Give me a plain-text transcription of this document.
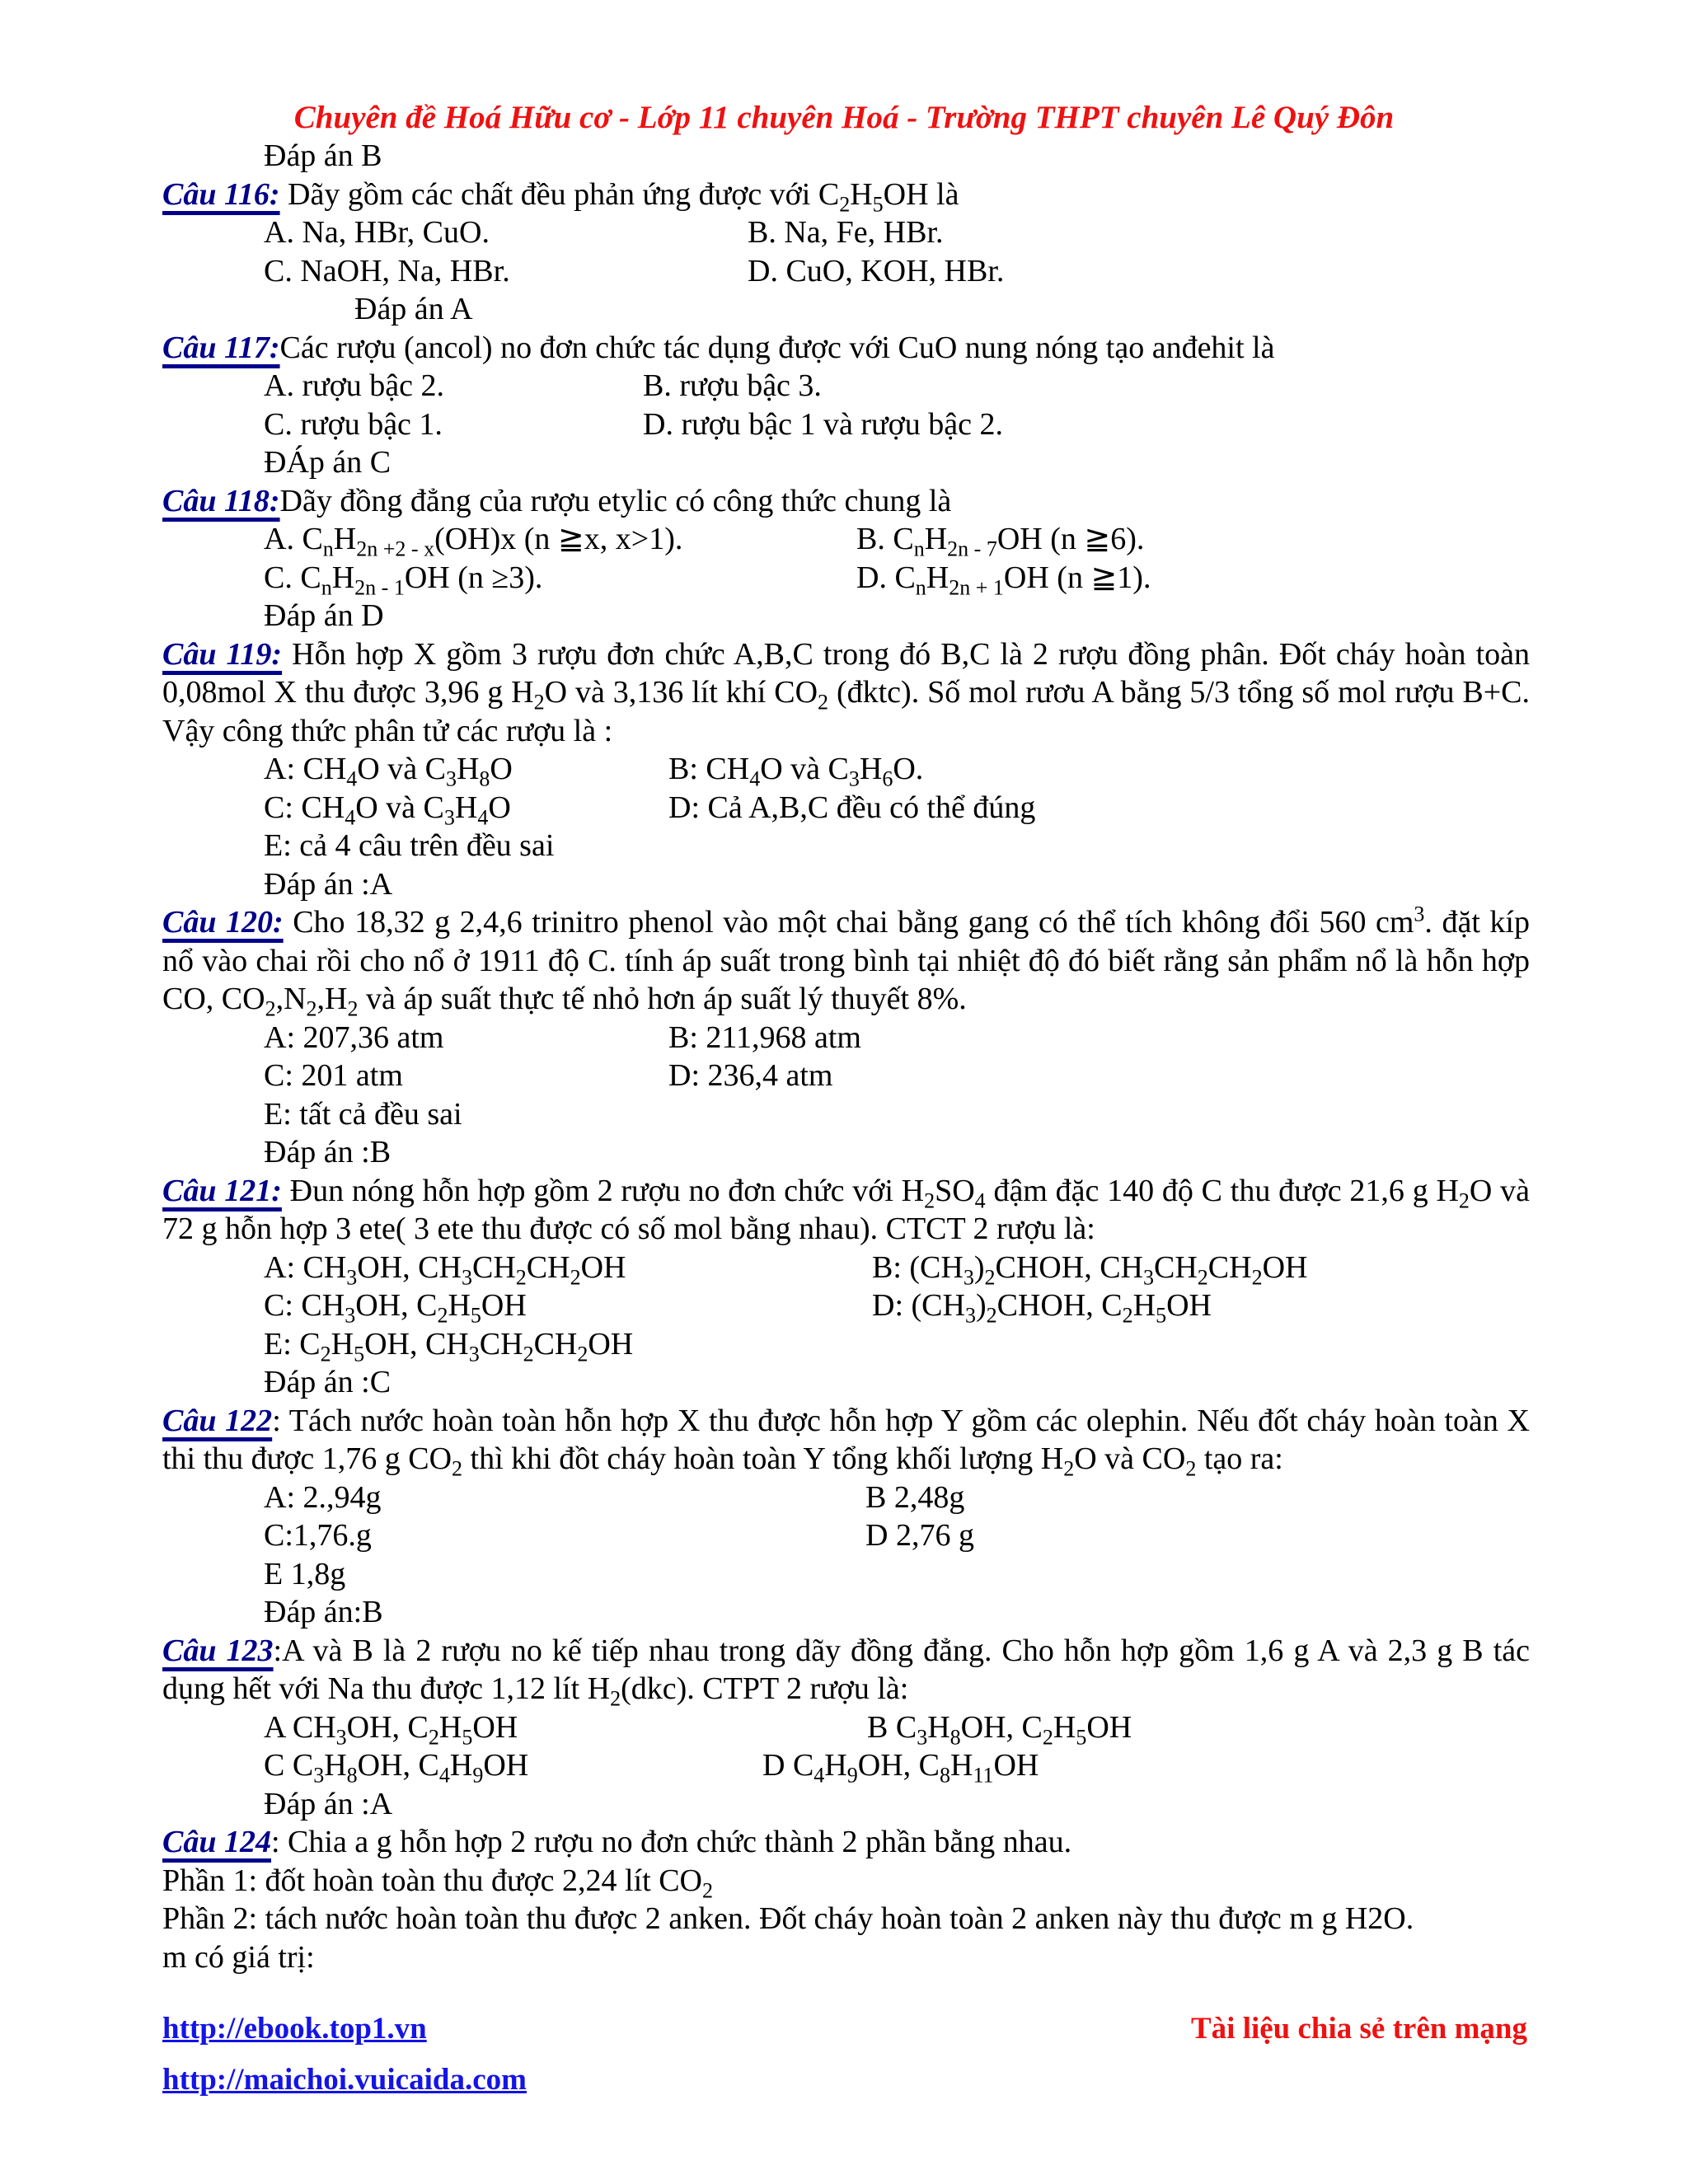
Chuyên đề Hoá Hữu cơ - Lớp 11 chuyên Hoá - Trường THPT chuyên Lê Quý Đôn
Đáp án B

Câu 116: Dãy gồm các chất đều phản ứng được với $C_2H_5OH$ là

A. Na, HBr, CuO.	B. Na, Fe, HBr.
C. NaOH, Na, HBr.	D. CuO, KOH, HBr.
Đáp án A

Câu 117:Các rượu (ancol) no đơn chức tác dụng được với CuO nung nóng tạo anđehit là

A. rượu bậc 2.	B. rượu bậc 3.
C. rượu bậc 1.	D. rượu bậc 1 và rượu bậc 2.
ĐÁp án C

Câu 118:Dãy đồng đẳng của rượu etylic có công thức chung là

A. $C_nH_{2n +2 - x}(OH)x$ (n ≧x, x>1).	B. $C_nH_{2n - 7}OH$ (n ≧6).
C. $C_nH_{2n - 1}OH$ (n ≥3).	D. $C_nH_{2n + 1}OH$ (n ≧1).
Đáp án D

Câu 119: Hỗn hợp X gồm 3 rượu đơn chức A,B,C trong đó B,C là 2 rượu đồng phân. Đốt cháy hoàn toàn 0,08mol X thu được 3,96 g $H_2O$ và 3,136 lít khí $CO_2$ (đktc). Số mol rươu A bằng 5/3 tổng số mol rượu B+C. Vậy công thức phân tử các rượu là :

A: $CH_4O$ và $C_3H_8O$	B: $CH_4O$ và $C_3H_6O$.
C: $CH_4O$ và $C_3H_4O$	D: Cả A,B,C đều có thể đúng
E: cả 4 câu trên đều sai
Đáp án :A

Câu 120: Cho 18,32 g 2,4,6 trinitro phenol vào một chai bằng gang có thể tích không đổi 560 $cm^3$. đặt kíp nổ vào chai rồi cho nổ ở 1911 độ C. tính áp suất trong bình tại nhiệt độ đó biết rằng sản phẩm nổ là hỗn hợp CO, $CO_2,N_2,H_2$ và áp suất thực tế nhỏ hơn áp suất lý thuyết 8%.

A: 207,36 atm	B: 211,968 atm
C: 201 atm	D: 236,4 atm
E: tất cả đều sai
Đáp án :B

Câu 121: Đun nóng hỗn hợp gồm 2 rượu no đơn chức với $H_2SO_4$ đậm đặc 140 độ C thu được 21,6 g $H_2O$ và 72 g hỗn hợp 3 ete( 3 ete thu được có số mol bằng nhau). CTCT 2 rượu là:

A: $CH_3OH$, $CH_3CH_2CH_2OH$	B: $(CH_3)_2CHOH$, $CH_3CH_2CH_2OH$
C: $CH_3OH$, $C_2H_5OH$	D: $(CH_3)_2CHOH$, $C_2H_5OH$
E: $C_2H_5OH$, $CH_3CH_2CH_2OH$
Đáp án :C

Câu 122: Tách nước hoàn toàn hỗn hợp X thu được hỗn hợp Y gồm các olephin. Nếu đốt cháy hoàn toàn X thi thu được 1,76 g $CO_2$ thì khi đồt cháy hoàn toàn Y tổng khối lượng $H_2O$ và $CO_2$ tạo ra:

A: 2.,94g	B 2,48g
C:1,76.g	D 2,76 g
E 1,8g
Đáp án:B

Câu 123:A và B là 2 rượu no kế tiếp nhau trong dãy đồng đẳng. Cho hỗn hợp gồm 1,6 g A và 2,3 g B tác dụng hết với Na thu được 1,12 lít $H_2(dkc)$. CTPT 2 rượu là:

A $CH_3OH$, $C_2H_5OH$	B $C_3H_8OH$, $C_2H_5OH$
C $C_3H_8OH$, $C_4H_9OH$	D $C_4H_9OH$, $C_8H_{11}OH$
Đáp án :A

Câu 124: Chia a g hỗn hợp 2 rượu no đơn chức thành 2 phần bằng nhau.

Phần 1: đốt hoàn toàn thu được 2,24 lít $CO_2$
Phần 2: tách nước hoàn toàn thu được 2 anken. Đốt cháy hoàn toàn 2 anken này thu được m g H2O.
m có giá trị:
http://ebook.top1.vn	Tài liệu chia sẻ trên mạng
http://maichoi.vuicaida.com
